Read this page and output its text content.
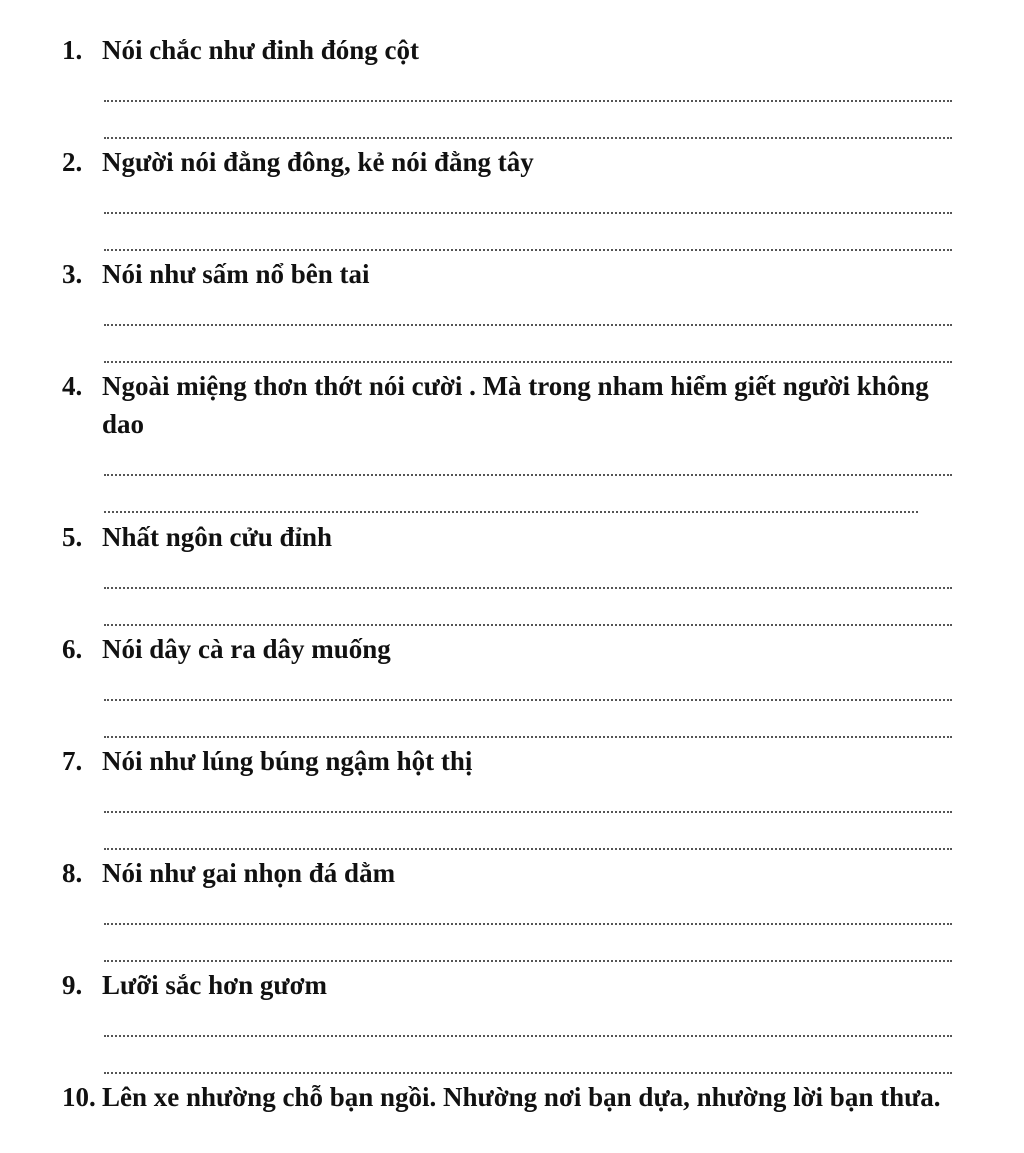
1. Nói chắc như đinh đóng cột
2. Người nói đằng đông, kẻ nói đằng tây
3. Nói như sấm nổ bên tai
4. Ngoài miệng thơn thớt nói cười . Mà trong nham hiểm giết người không dao
5. Nhất ngôn cửu đỉnh
6. Nói dây cà ra dây muống
7. Nói như lúng búng ngậm hột thị
8. Nói như gai nhọn đá dằm
9. Lưỡi sắc hơn gươm
10. Lên xe nhường chỗ bạn ngồi. Nhường nơi bạn dựa, nhường lời bạn thưa.
